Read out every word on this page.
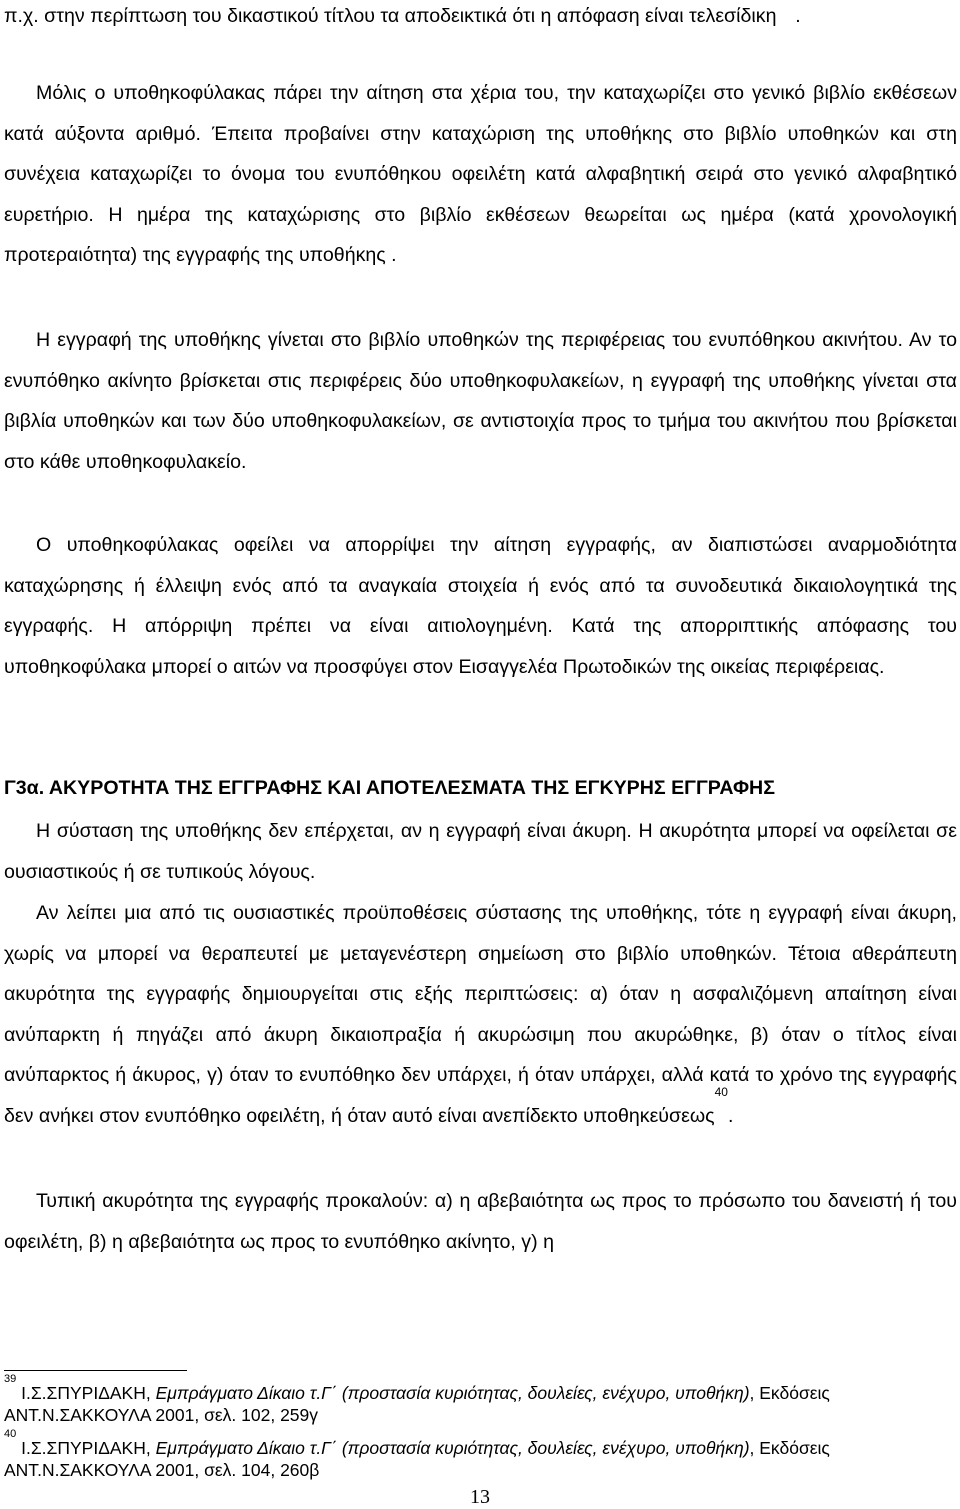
π.χ. στην περίπτωση του δικαστικού τίτλου τα αποδεικτικά ότι η απόφαση είναι τελεσίδικη .

Μόλις ο υποθηκοφύλακας πάρει την αίτηση στα χέρια του, την καταχωρίζει στο γενικό βιβλίο εκθέσεων κατά αύξοντα αριθμό. Έπειτα προβαίνει στην καταχώριση της υποθήκης στο βιβλίο υποθηκών και στη συνέχεια καταχωρίζει το όνομα του ενυπόθηκου οφειλέτη κατά αλφαβητική σειρά στο γενικό αλφαβητικό ευρετήριο. Η ημέρα της καταχώρισης στο βιβλίο εκθέσεων θεωρείται ως ημέρα (κατά χρονολογική προτεραιότητα) της εγγραφής της υποθήκης .

Η εγγραφή της υποθήκης γίνεται στο βιβλίο υποθηκών της περιφέρειας του ενυπόθηκου ακινήτου. Αν το ενυπόθηκο ακίνητο βρίσκεται στις περιφέρεις δύο υποθηκοφυλακείων, η εγγραφή της υποθήκης γίνεται στα βιβλία υποθηκών και των δύο υποθηκοφυλακείων, σε αντιστοιχία προς το τμήμα του ακινήτου που βρίσκεται στο κάθε υποθηκοφυλακείο.

Ο υποθηκοφύλακας οφείλει να απορρίψει την αίτηση εγγραφής, αν διαπιστώσει αναρμοδιότητα καταχώρησης ή έλλειψη ενός από τα αναγκαία στοιχεία ή ενός από τα συνοδευτικά δικαιολογητικά της εγγραφής. Η απόρριψη πρέπει να είναι αιτιολογημένη. Κατά της απορριπτικής απόφασης του υποθηκοφύλακα μπορεί ο αιτών να προσφύγει στον Εισαγγελέα Πρωτοδικών της οικείας περιφέρειας.

Γ3α. ΑΚΥΡΟΤΗΤΑ ΤΗΣ ΕΓΓΡΑΦΗΣ ΚΑΙ ΑΠΟΤΕΛΕΣΜΑΤΑ ΤΗΣ ΕΓΚΥΡΗΣ ΕΓΓΡΑΦΗΣ

Η σύσταση της υποθήκης δεν επέρχεται, αν η εγγραφή είναι άκυρη. Η ακυρότητα μπορεί να οφείλεται σε ουσιαστικούς ή σε τυπικούς λόγους.

Αν λείπει μια από τις ουσιαστικές προϋποθέσεις σύστασης της υποθήκης, τότε η εγγραφή είναι άκυρη, χωρίς να μπορεί να θεραπευτεί με μεταγενέστερη σημείωση στο βιβλίο υποθηκών. Τέτοια αθεράπευτη ακυρότητα της εγγραφής δημιουργείται στις εξής περιπτώσεις: α) όταν η ασφαλιζόμενη απαίτηση είναι ανύπαρκτη ή πηγάζει από άκυρη δικαιοπραξία ή ακυρώσιμη που ακυρώθηκε, β) όταν ο τίτλος είναι ανύπαρκτος ή άκυρος, γ) όταν το ενυπόθηκο δεν υπάρχει, ή όταν υπάρχει, αλλά κατά το χρόνο της εγγραφής δεν ανήκει στον ενυπόθηκο οφειλέτη, ή όταν αυτό είναι ανεπίδεκτο υποθηκεύσεως$^{40}$.

Τυπική ακυρότητα της εγγραφής προκαλούν: α) η αβεβαιότητα ως προς το πρόσωπο του δανειστή ή του οφειλέτη, β) η αβεβαιότητα ως προς το ενυπόθηκο ακίνητο, γ) η

$^{39}$ Ι.Σ.ΣΠΥΡΙΔΑΚΗ, Εμπράγματο Δίκαιο τ.Γ΄ (προστασία κυριότητας, δουλείες, ενέχυρο, υποθήκη), Εκδόσεις ΑΝΤ.Ν.ΣΑΚΚΟΥΛΑ 2001, σελ. 102, 259γ

$^{40}$ Ι.Σ.ΣΠΥΡΙΔΑΚΗ, Εμπράγματο Δίκαιο τ.Γ΄ (προστασία κυριότητας, δουλείες, ενέχυρο, υποθήκη), Εκδόσεις ΑΝΤ.Ν.ΣΑΚΚΟΥΛΑ 2001, σελ. 104, 260β

13
